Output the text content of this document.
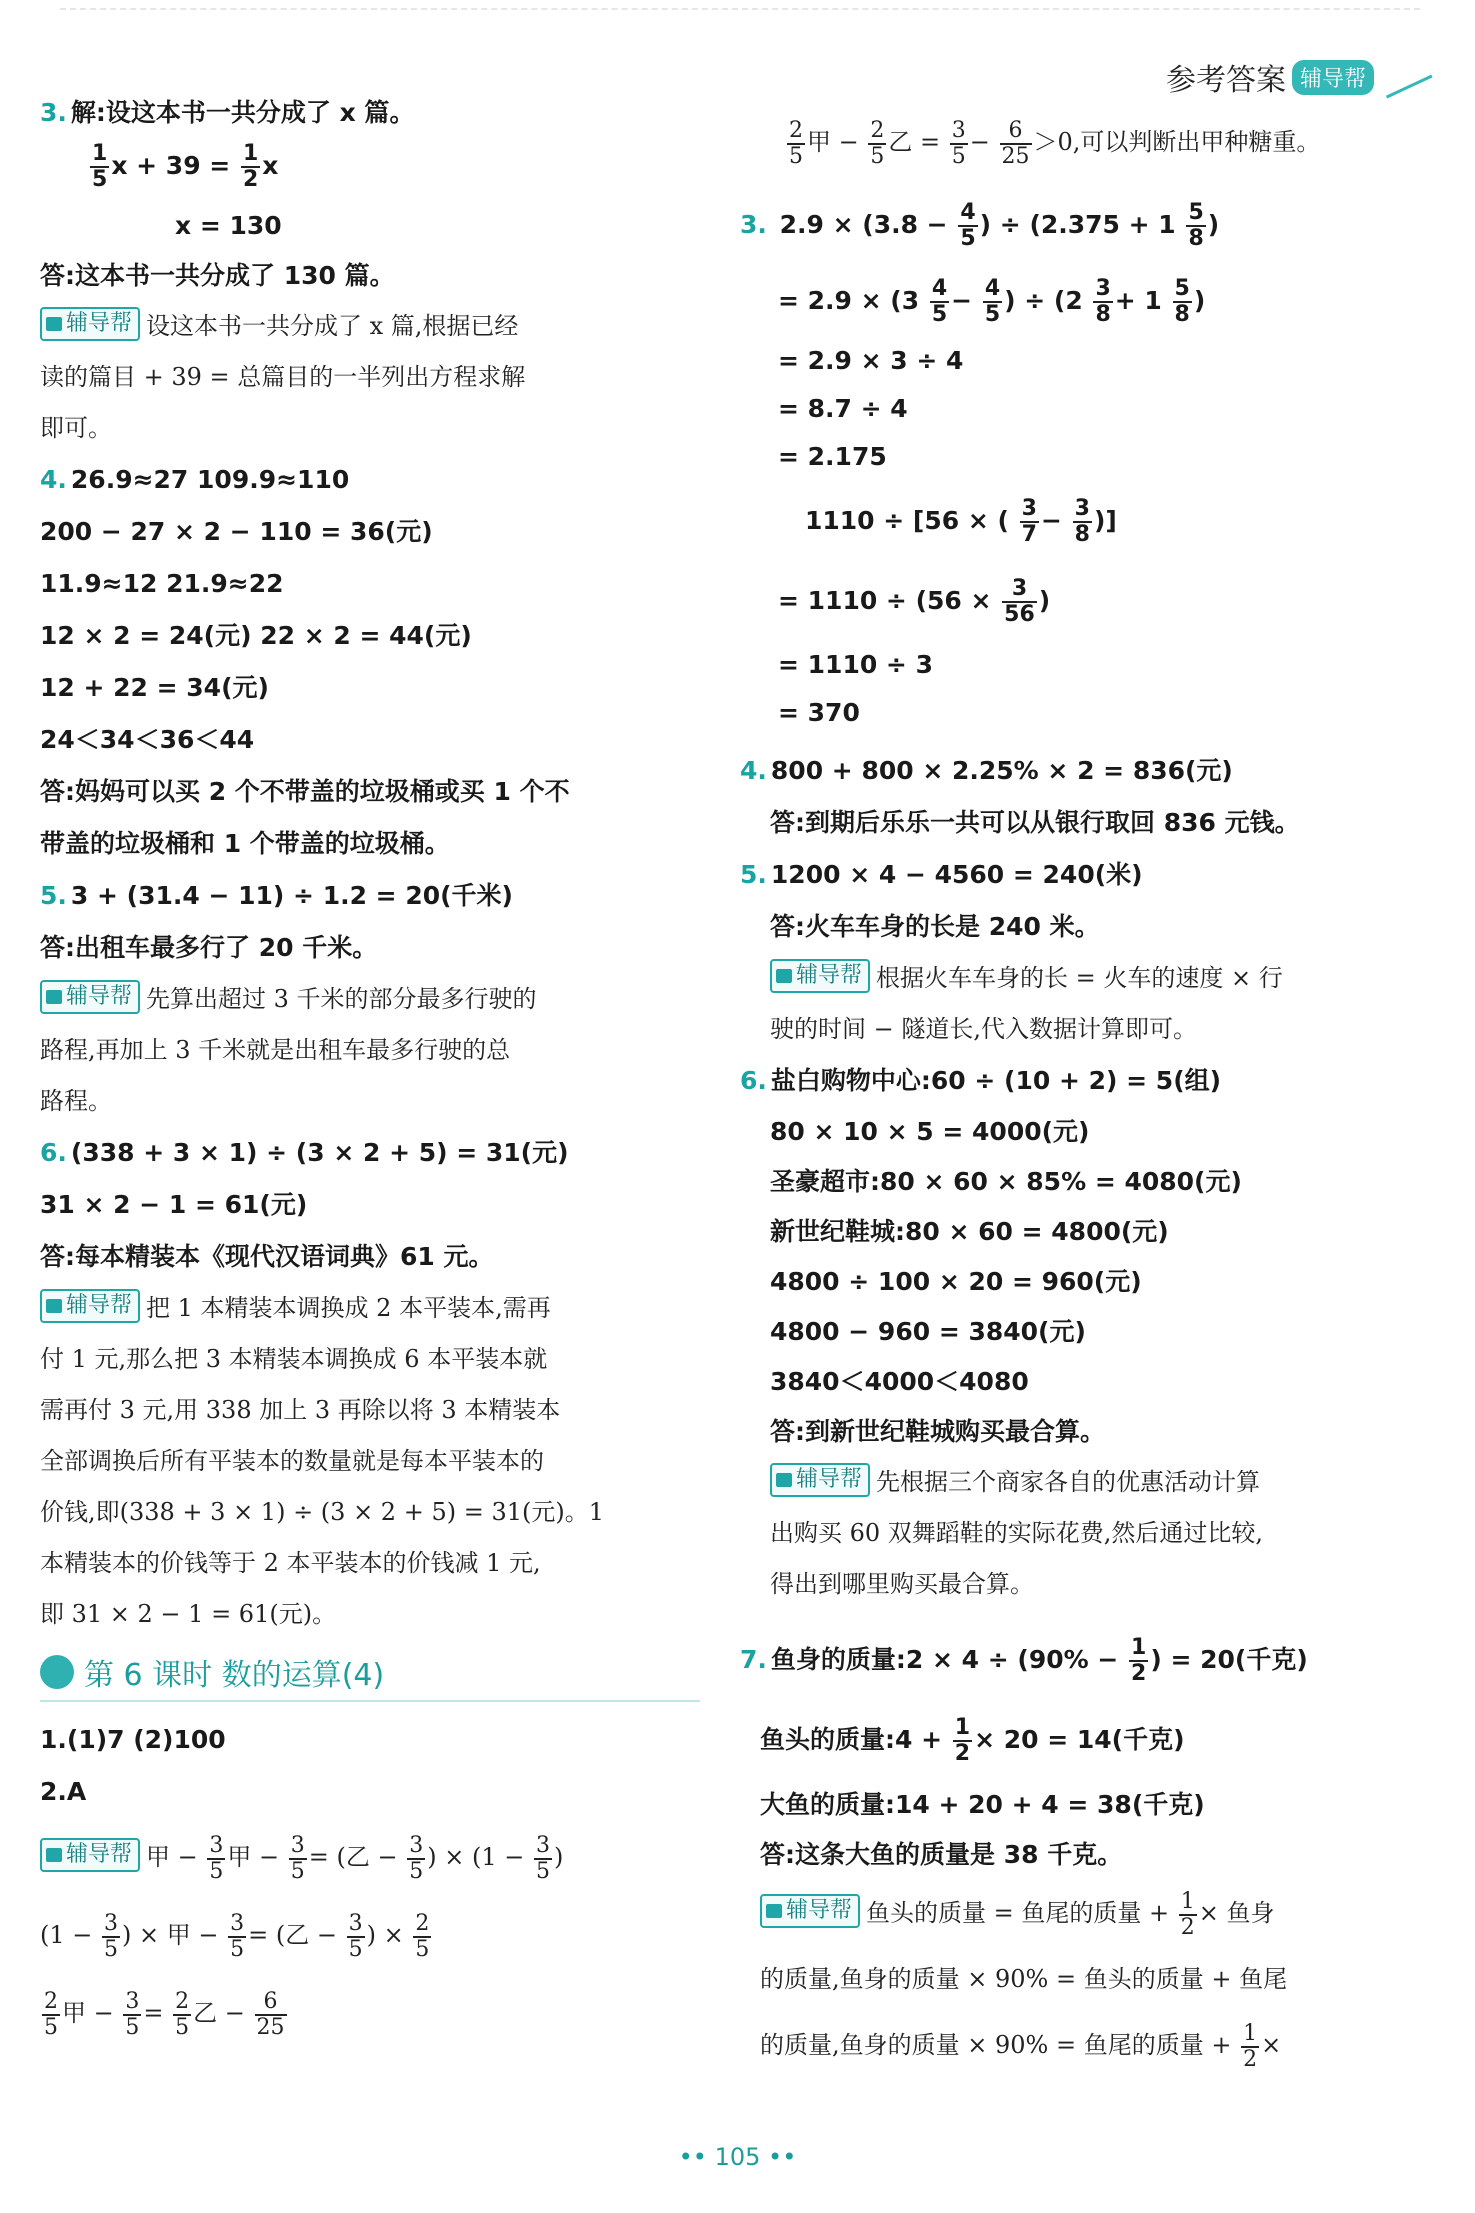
参考答案 辅导帮
3. 解:设这本书一共分成了 x 篇。
$\frac{1}{5}$ $x + 39 = \frac{1}{2}$ x
x = 130
答:这本书一共分成了 130 篇。

辅导帮 设这本书一共分成了 x 篇,根据已经

读的篇目 + 39 = 总篇目的一半列出方程求解

即可。

4. 26.9≈27 109.9≈110
200 − 27 × 2 − 110 = 36(元)
11.9≈12 21.9≈22
12 × 2 = 24(元) 22 × 2 = 44(元)
12 + 22 = 34(元)
24＜34＜36＜44
答:妈妈可以买 2 个不带盖的垃圾桶或买 1 个不
带盖的垃圾桶和 1 个带盖的垃圾桶。
5. 3 + (31.4 − 11) ÷ 1.2 = 20(千米)
答:出租车最多行了 20 千米。

辅导帮 先算出超过 3 千米的部分最多行驶的

路程,再加上 3 千米就是出租车最多行驶的总

路程。

6. (338 + 3 × 1) ÷ (3 × 2 + 5) = 31(元)
31 × 2 − 1 = 61(元)
答:每本精装本《现代汉语词典》61 元。

辅导帮 把 1 本精装本调换成 2 本平装本,需再

付 1 元,那么把 3 本精装本调换成 6 本平装本就

需再付 3 元,用 338 加上 3 再除以将 3 本精装本

全部调换后所有平装本的数量就是每本平装本的

价钱,即(338 + 3 × 1) ÷ (3 × 2 + 5) = 31(元)。1

本精装本的价钱等于 2 本平装本的价钱减 1 元,

即 31 × 2 − 1 = 61(元)。

第 6 课时 数的运算(4)
1.(1)7 (2)100
2.A

辅导帮 甲 − $\frac{3}{5}$ 甲 − $\frac{3}{5}$ = (乙 − $\frac{3}{5}$ ) × ($1 - \frac{3}{5}$ )

($1 - \frac{3}{5}$ ) × 甲 − $\frac{3}{5}$ = (乙 − $\frac{3}{5}$ ) × $\frac{2}{5}$

$\frac{2}{5}$ 甲 − $\frac{3}{5} = \frac{2}{5}$ 乙 − $\frac{6}{25}$

$\frac{2}{5}$ 甲 − $\frac{2}{5}$ 乙 = $\frac{3}{5} - \frac{6}{25} >0$,可以判断出甲种糖重。

3. $2.9 \times (3.8 - \frac{4}{5}$ ) ÷ ($2.375 + 1 \frac{5}{8}$ )
= $2.9 \times (3 \frac{4}{5} - \frac{4}{5}$ ) ÷ ($2 \frac{3}{8} + 1 \frac{5}{8}$ )
= 2.9 × 3 ÷ 4
= 8.7 ÷ 4
= 2.175
1110 ÷ [56 × ( $\frac{3}{7} - \frac{3}{8}$ )]
= $1110 \div (56 \times \frac{3}{56}$ )
= 1110 ÷ 3
= 370
4. 800 + 800 × 2.25% × 2 = 836(元)
答:到期后乐乐一共可以从银行取回 836 元钱。
5. 1200 × 4 − 4560 = 240(米)
答:火车车身的长是 240 米。

辅导帮 根据火车车身的长 = 火车的速度 × 行

驶的时间 − 隧道长,代入数据计算即可。

6. 盐白购物中心:60 ÷ (10 + 2) = 5(组)
80 × 10 × 5 = 4000(元)
圣豪超市:80 × 60 × 85% = 4080(元)
新世纪鞋城:80 × 60 = 4800(元)
4800 ÷ 100 × 20 = 960(元)
4800 − 960 = 3840(元)
3840＜4000＜4080
答:到新世纪鞋城购买最合算。

辅导帮 先根据三个商家各自的优惠活动计算

出购买 60 双舞蹈鞋的实际花费,然后通过比较,

得出到哪里购买最合算。

7. 鱼身的质量:2 × $4 \div (90\% - \frac{1}{2}$ ) = 20(千克)
鱼头的质量:4 + $\frac{1}{2} \times 20 = 14$(千克)
大鱼的质量:14 + 20 + 4 = 38(千克)
答:这条大鱼的质量是 38 千克。

辅导帮 鱼头的质量 = 鱼尾的质量 + $\frac{1}{2}$ × 鱼身

的质量,鱼身的质量 × 90% = 鱼头的质量 + 鱼尾

的质量,鱼身的质量 × 90% = 鱼尾的质量 + $\frac{1}{2}$ ×

•• 105 ••
